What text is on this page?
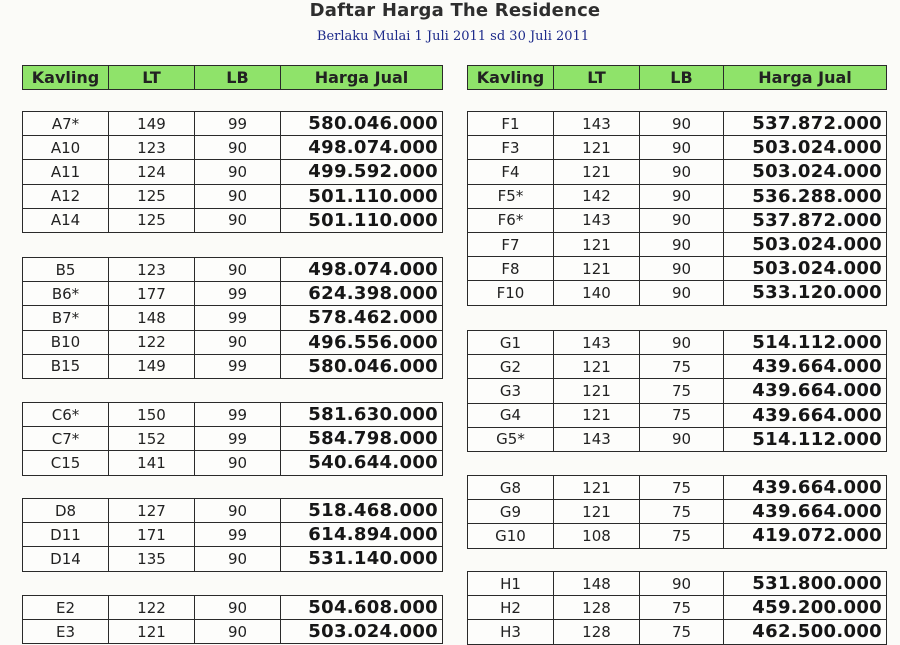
Daftar Harga The Residence
Berlaku Mulai 1 Juli 2011 sd 30 Juli 2011
Kavling	LT	LB	Harga Jual	Kavling	LT	LB	Harga Jual
A7*	149	99	580.046.000
A10	123	90	498.074.000
A11	124	90	499.592.000
A12	125	90	501.110.000
A14	125	90	501.110.000
B5	123	90	498.074.000
B6*	177	99	624.398.000
B7*	148	99	578.462.000
B10	122	90	496.556.000
B15	149	99	580.046.000
C6*	150	99	581.630.000
C7*	152	99	584.798.000
C15	141	90	540.644.000
D8	127	90	518.468.000
D11	171	99	614.894.000
D14	135	90	531.140.000
E2	122	90	504.608.000
E3	121	90	503.024.000
F1	143	90	537.872.000
F3	121	90	503.024.000
F4	121	90	503.024.000
F5*	142	90	536.288.000
F6*	143	90	537.872.000
F7	121	90	503.024.000
F8	121	90	503.024.000
F10	140	90	533.120.000
G1	143	90	514.112.000
G2	121	75	439.664.000
G3	121	75	439.664.000
G4	121	75	439.664.000
G5*	143	90	514.112.000
G8	121	75	439.664.000
G9	121	75	439.664.000
G10	108	75	419.072.000
H1	148	90	531.800.000
H2	128	75	459.200.000
H3	128	75	462.500.000
